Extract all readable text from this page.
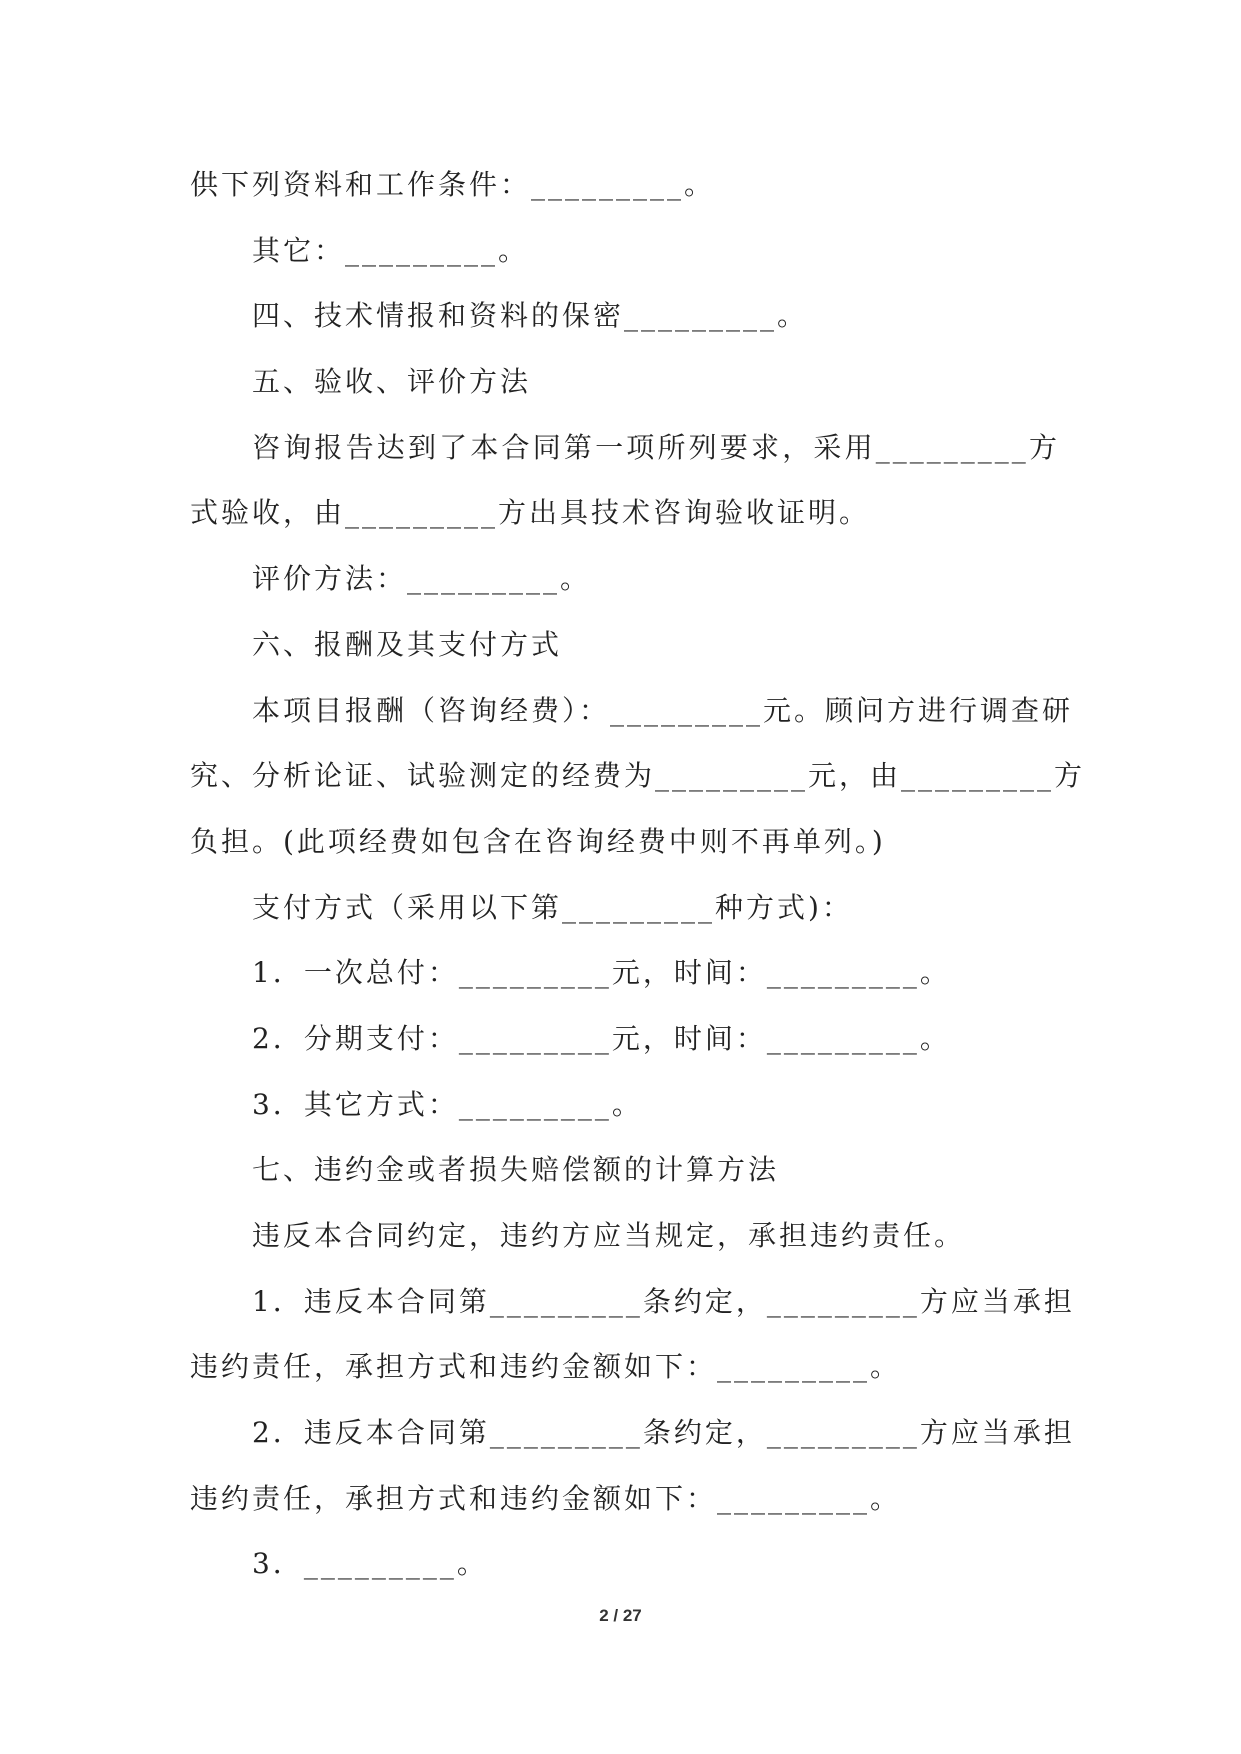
供下列资料和工作条件：_________。
其它：_________。
四、技术情报和资料的保密_________。
五、验收、评价方法
咨询报告达到了本合同第一项所列要求，采用_________方
式验收，由_________方出具技术咨询验收证明。
评价方法：_________。
六、报酬及其支付方式
本项目报酬（咨询经费）：_________元。顾问方进行调查研
究、分析论证、试验测定的经费为_________元，由_________方
负担。(此项经费如包含在咨询经费中则不再单列。)
支付方式（采用以下第_________种方式)：
1．一次总付：_________元，时间：_________。
2．分期支付：_________元，时间：_________。
3．其它方式：_________。
七、违约金或者损失赔偿额的计算方法
违反本合同约定，违约方应当规定，承担违约责任。
1．违反本合同第_________条约定，_________方应当承担
违约责任，承担方式和违约金额如下：_________。
2．违反本合同第_________条约定，_________方应当承担
违约责任，承担方式和违约金额如下：_________。
3．_________。
2 / 27
